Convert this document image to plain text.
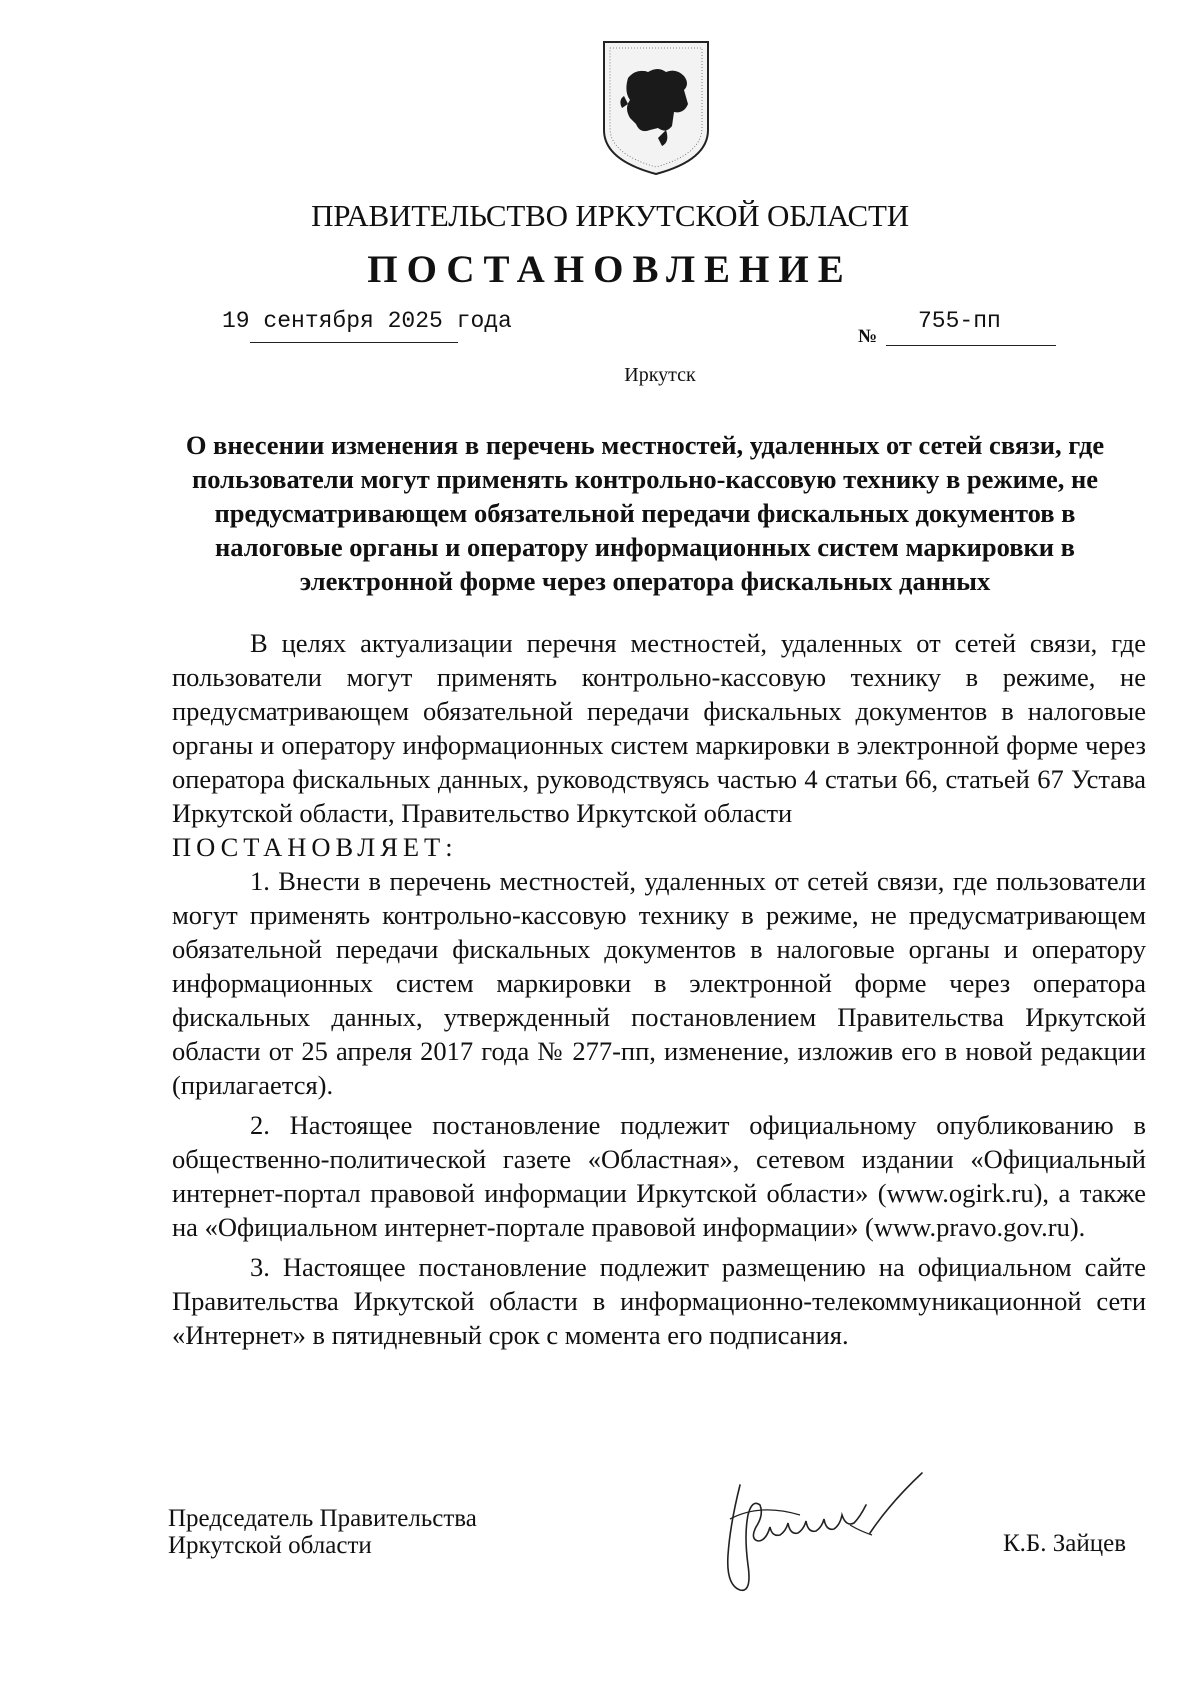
ПРАВИТЕЛЬСТВО ИРКУТСКОЙ ОБЛАСТИ
ПОСТАНОВЛЕНИЕ
19 сентября 2025 года
№
755-пп
Иркутск

О внесении изменения в перечень местностей, удаленных от сетей связи, где пользователи могут применять контрольно-кассовую технику в режиме, не предусматривающем обязательной передачи фискальных документов в налоговые органы и оператору информационных систем маркировки в электронной форме через оператора фискальных данных

В целях актуализации перечня местностей, удаленных от сетей связи, где пользователи могут применять контрольно-кассовую технику в режиме, не предусматривающем обязательной передачи фискальных документов в налоговые органы и оператору информационных систем маркировки в электронной форме через оператора фискальных данных, руководствуясь частью 4 статьи 66, статьей 67 Устава Иркутской области, Правительство Иркутской области

ПОСТАНОВЛЯЕТ:

1. Внести в перечень местностей, удаленных от сетей связи, где пользователи могут применять контрольно-кассовую технику в режиме, не предусматривающем обязательной передачи фискальных документов в налоговые органы и оператору информационных систем маркировки в электронной форме через оператора фискальных данных, утвержденный постановлением Правительства Иркутской области от 25 апреля 2017 года № 277-пп, изменение, изложив его в новой редакции (прилагается).

2. Настоящее постановление подлежит официальному опубликованию в общественно-политической газете «Областная», сетевом издании «Официальный интернет-портал правовой информации Иркутской области» (www.ogirk.ru), а также на «Официальном интернет-портале правовой информации» (www.pravo.gov.ru).

3. Настоящее постановление подлежит размещению на официальном сайте Правительства Иркутской области в информационно-телекоммуникационной сети «Интернет» в пятидневный срок с момента его подписания.

Председатель Правительства

Иркутской области	К.Б. Зайцев
